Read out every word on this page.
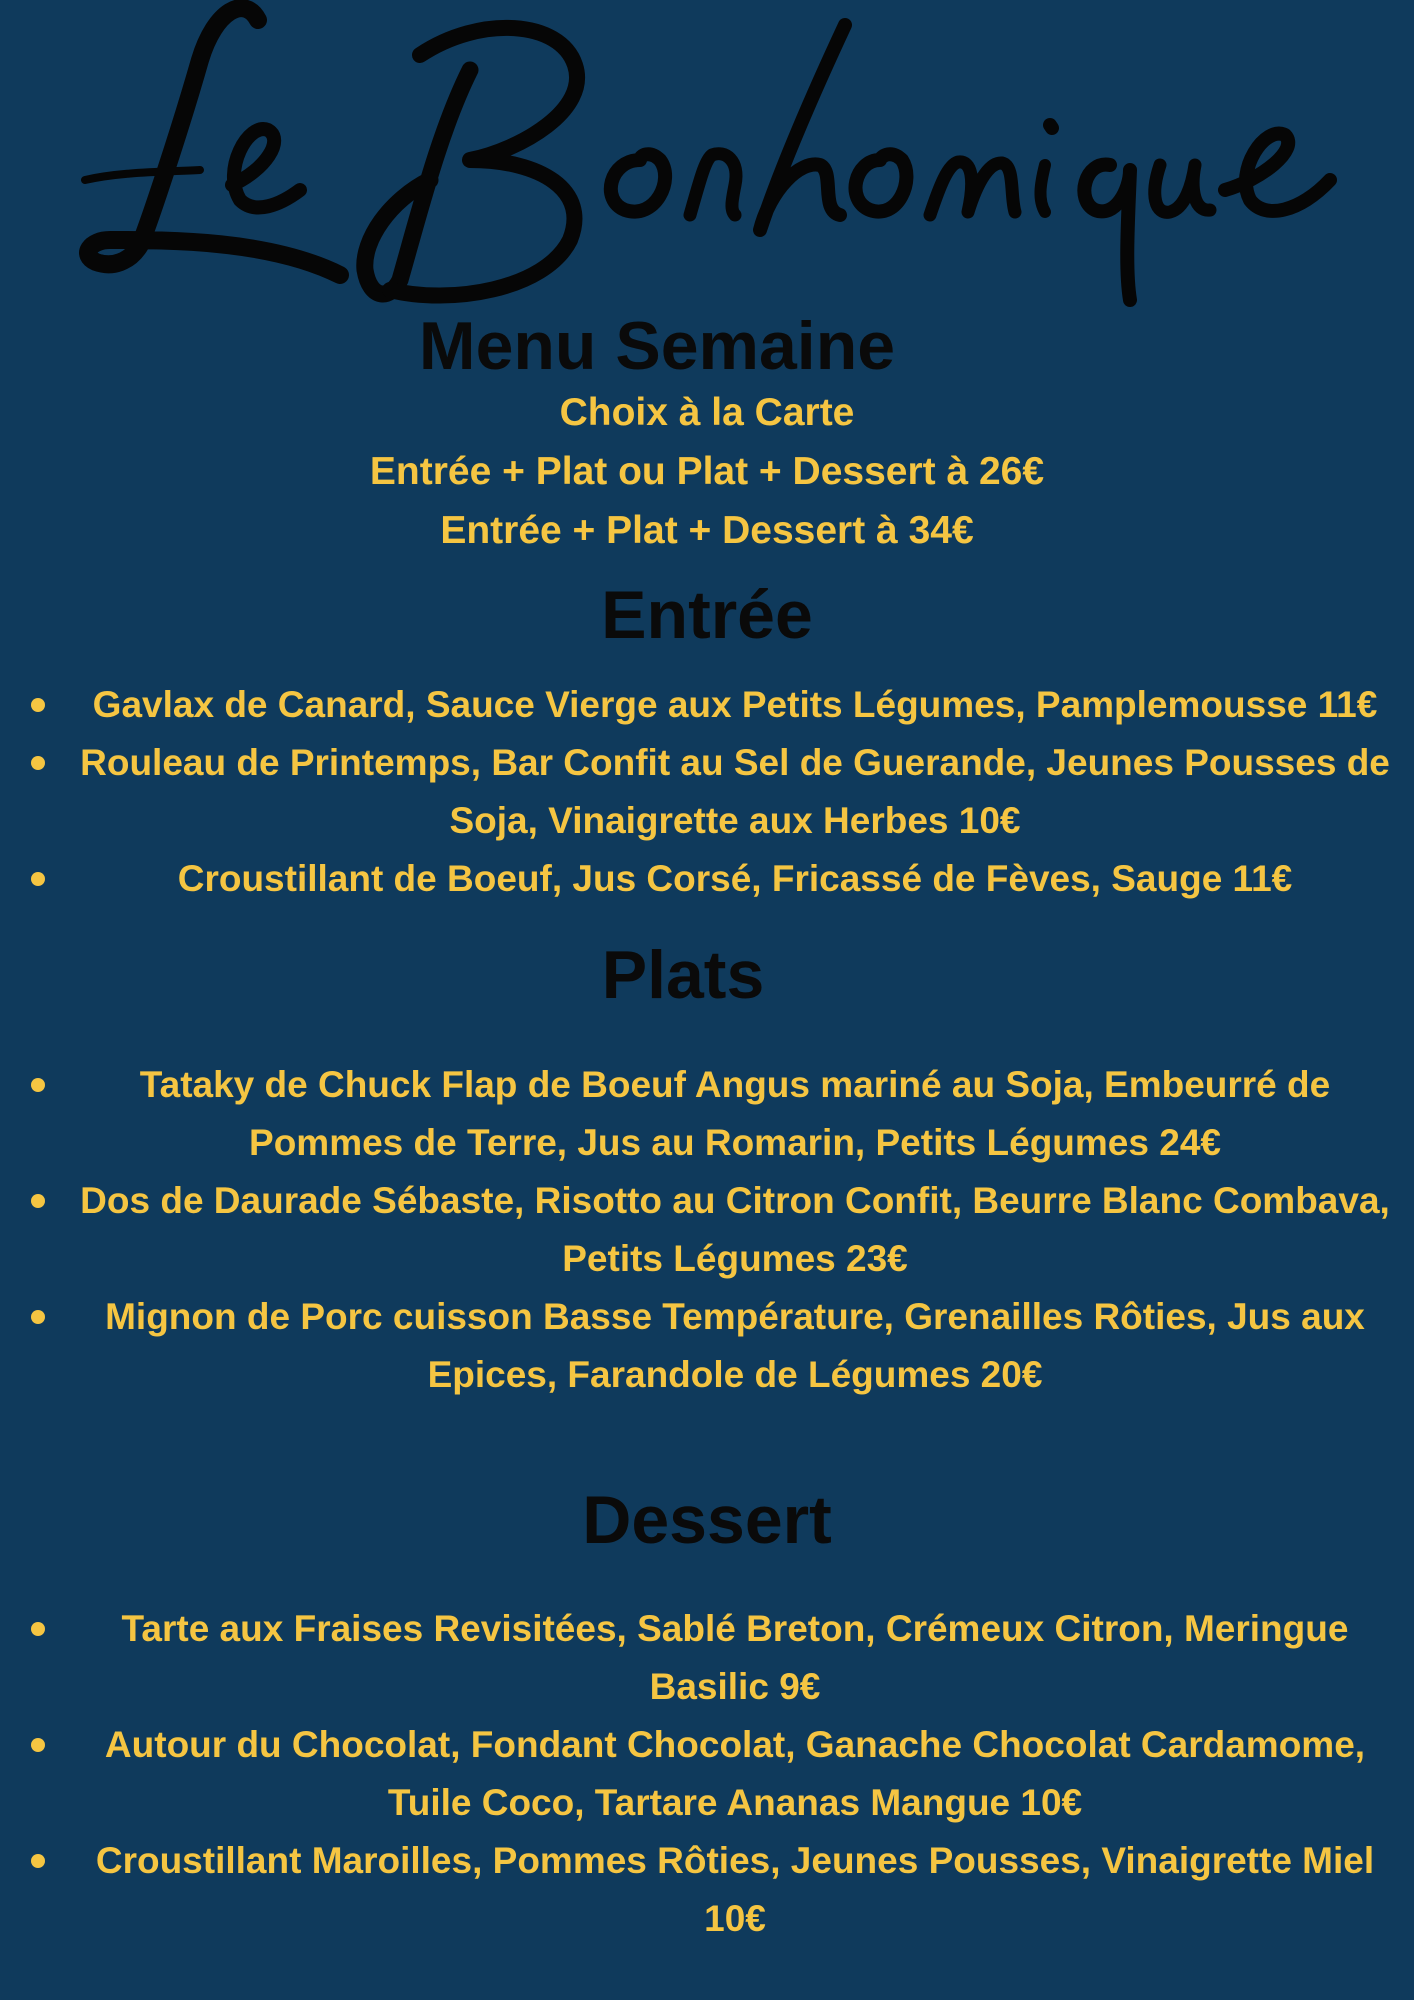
Menu Semaine

Choix à la Carte

Entrée + Plat ou Plat + Dessert à 26€

Entrée + Plat + Dessert à 34€

Entrée
Gavlax de Canard, Sauce Vierge aux Petits Légumes, Pamplemousse 11€
Rouleau de Printemps, Bar Confit au Sel de Guerande, Jeunes Pousses de Soja, Vinaigrette aux Herbes 10€
Croustillant de Boeuf, Jus Corsé, Fricassé de Fèves, Sauge 11€
Plats
Tataky de Chuck Flap de Boeuf Angus mariné au Soja, Embeurré de Pommes de Terre, Jus au Romarin, Petits Légumes 24€
Dos de Daurade Sébaste, Risotto au Citron Confit, Beurre Blanc Combava, Petits Légumes 23€
Mignon de Porc cuisson Basse Température, Grenailles Rôties, Jus aux Epices, Farandole de Légumes 20€
Dessert
Tarte aux Fraises Revisitées, Sablé Breton, Crémeux Citron, Meringue Basilic 9€
Autour du Chocolat, Fondant Chocolat, Ganache Chocolat Cardamome, Tuile Coco, Tartare Ananas Mangue 10€
Croustillant Maroilles, Pommes Rôties, Jeunes Pousses, Vinaigrette Miel 10€
